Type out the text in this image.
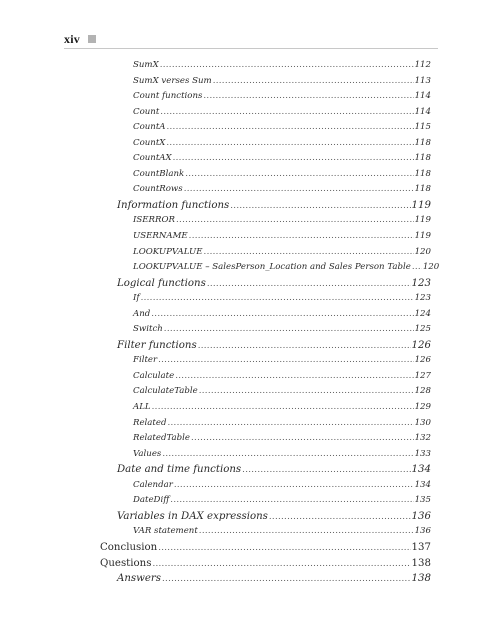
xiv
SumX .....	112
SumX verses Sum .....	113
Count functions .....	114
Count .....	114
CountA .....	115
CountX .....	118
CountAX .....	118
CountBlank .....	118
CountRows .....	118
Information functions .....	119
ISERROR .....	119
USERNAME .....	119
LOOKUPVALUE .....	120
LOOKUPVALUE – SalesPerson_Location and Sales Person Table ..... 120
Logical functions .....	123
If .....	123
And .....	124
Switch .....	125
Filter functions .....	126
Filter .....	126
Calculate .....	127
CalculateTable .....	128
ALL .....	129
Related .....	130
RelatedTable .....	132
Values .....	133
Date and time functions .....	134
Calendar .....	134
DateDiff .....	135
Variables in DAX expressions .....	136
VAR statement .....	136
Conclusion .....	137
Questions .....	138
Answers .....	138
